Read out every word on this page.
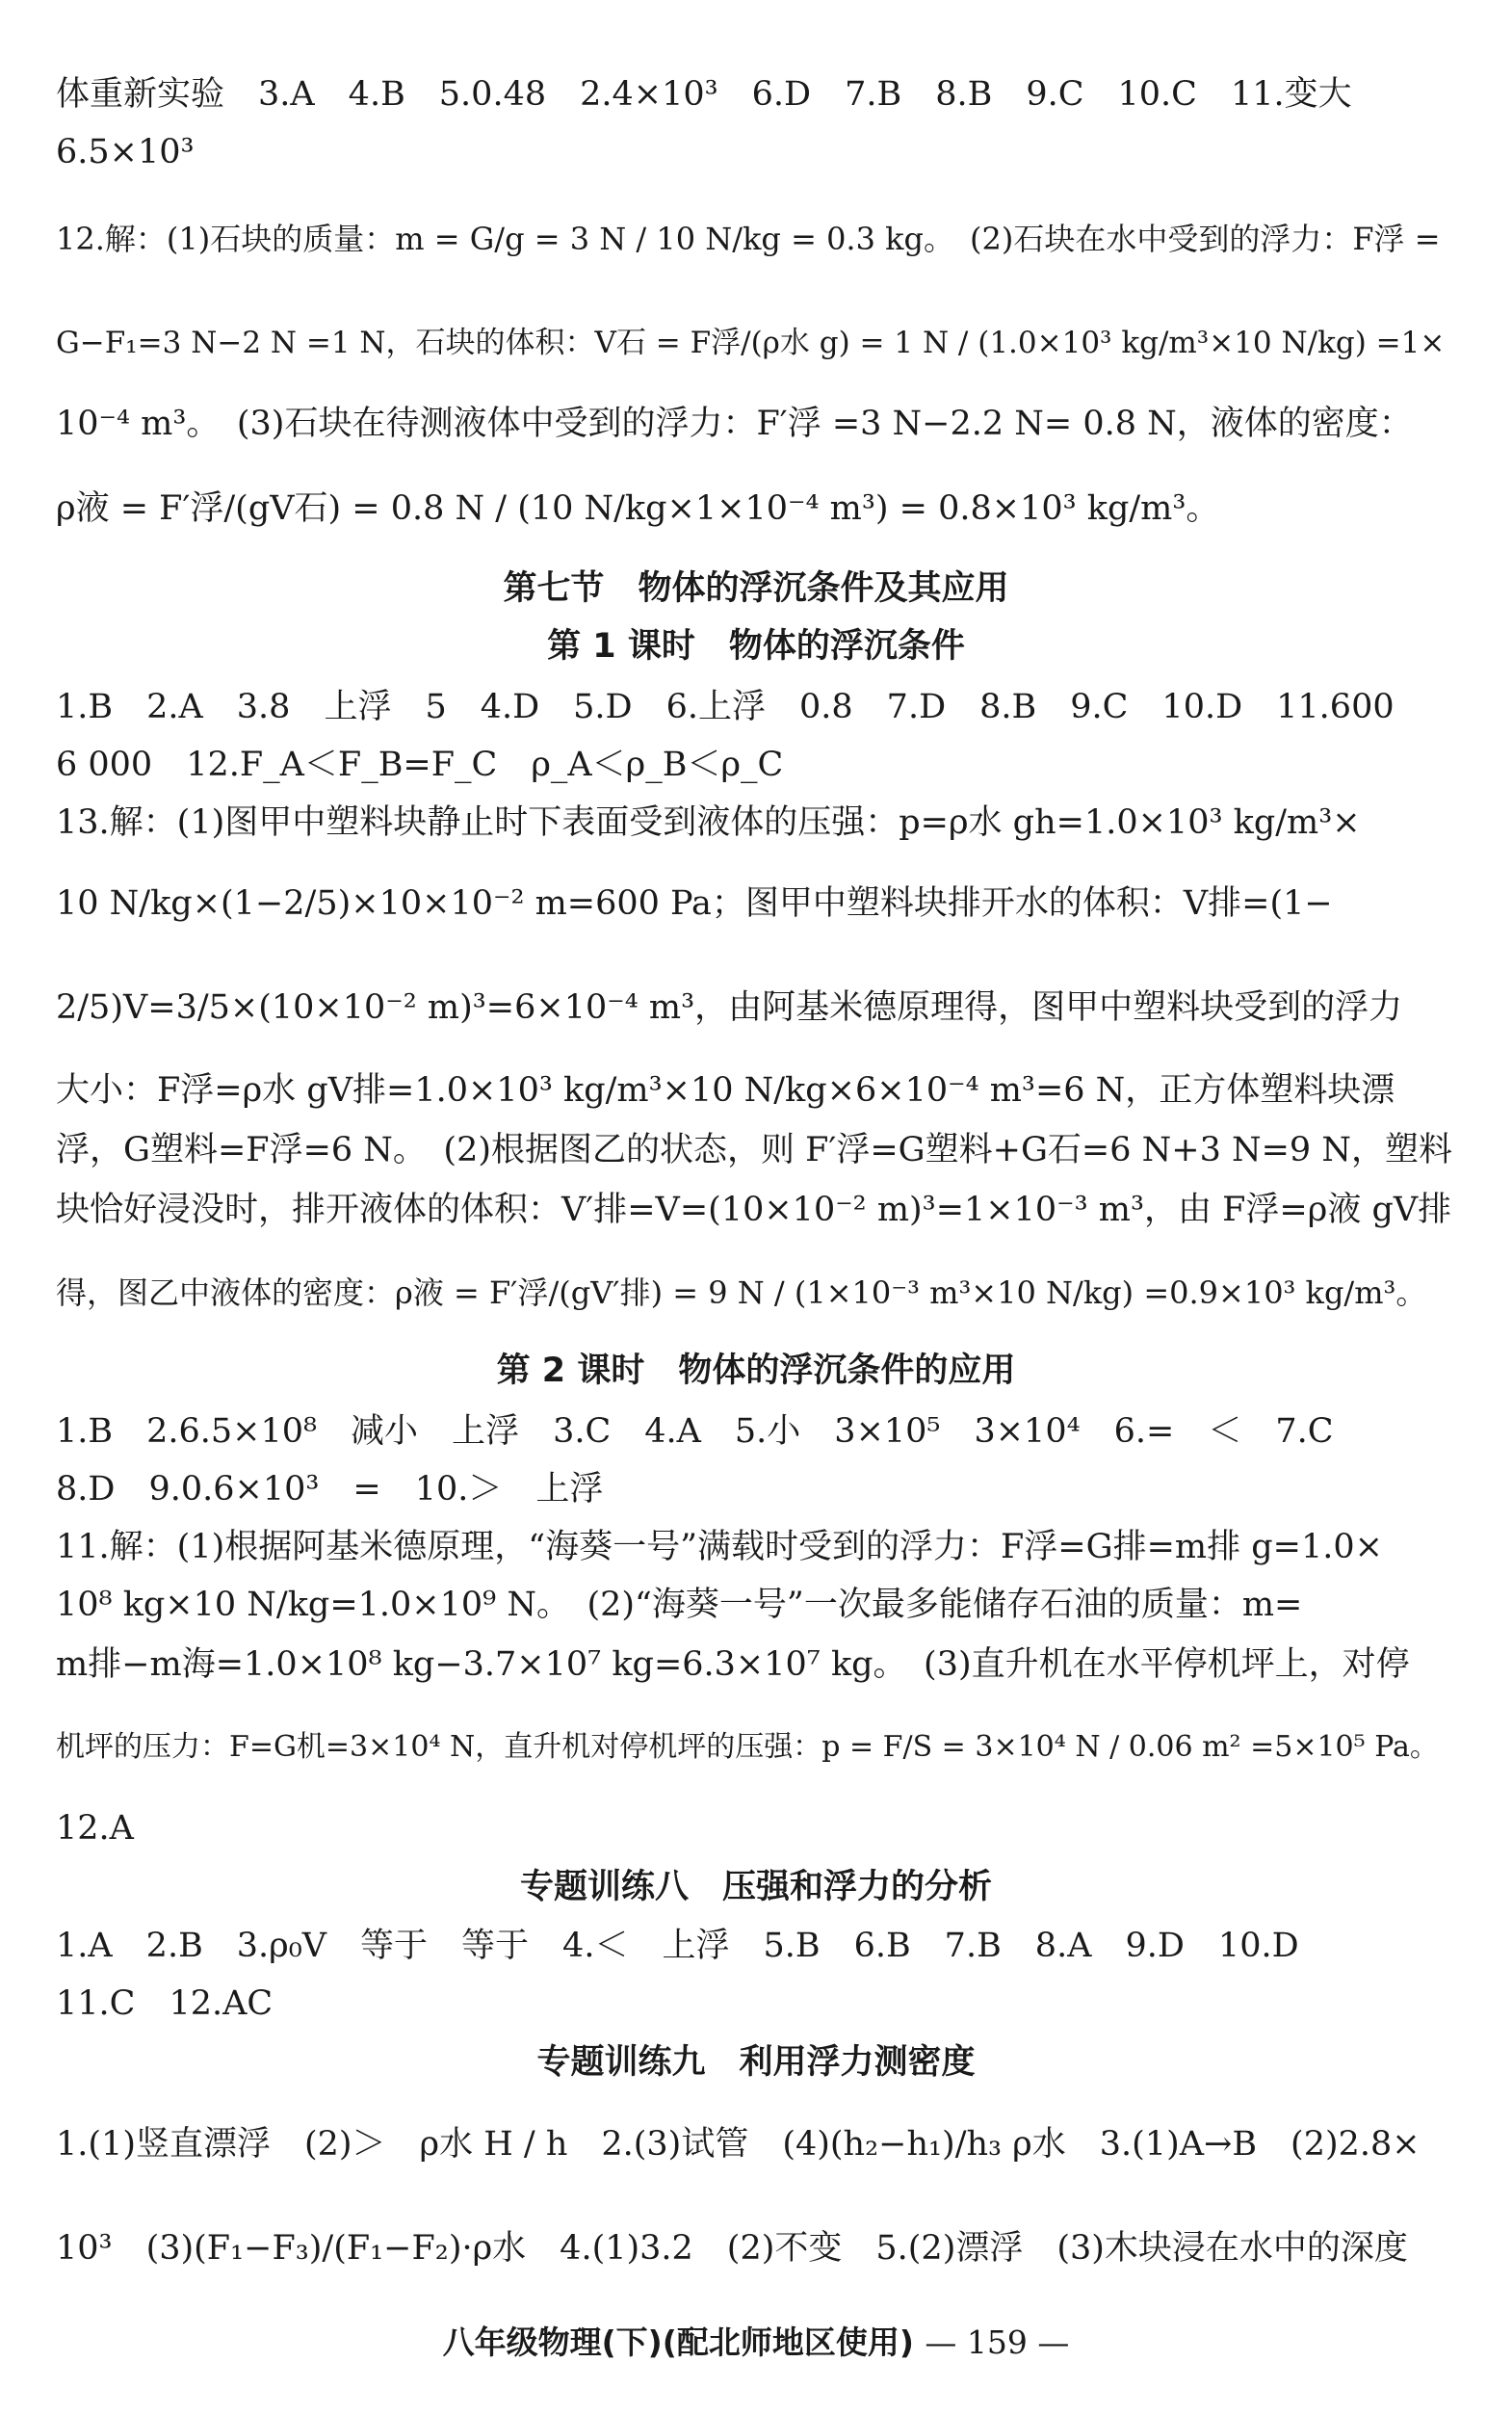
体重新实验　3.A　4.B　5.0.48　2.4×10³　6.D　7.B　8.B　9.C　10.C　11.变大
6.5×10³
12.解：(1)石块的质量：m = G/g = 3 N / 10 N/kg = 0.3 kg。　(2)石块在水中受到的浮力：F浮 =
G−F₁=3 N−2 N =1 N，石块的体积：V石 = F浮/(ρ水 g) = 1 N / (1.0×10³ kg/m³×10 N/kg) =1×
10⁻⁴ m³。　(3)石块在待测液体中受到的浮力：F′浮 =3 N−2.2 N= 0.8 N，液体的密度：
ρ液 = F′浮/(gV石) = 0.8 N / (10 N/kg×1×10⁻⁴ m³) = 0.8×10³ kg/m³。
第七节　物体的浮沉条件及其应用
第 1 课时　物体的浮沉条件
1.B　2.A　3.8　上浮　5　4.D　5.D　6.上浮　0.8　7.D　8.B　9.C　10.D　11.600
6 000　12.F_A＜F_B=F_C　ρ_A＜ρ_B＜ρ_C
13.解：(1)图甲中塑料块静止时下表面受到液体的压强：p=ρ水 gh=1.0×10³ kg/m³×
10 N/kg×(1−2/5)×10×10⁻² m=600 Pa；图甲中塑料块排开水的体积：V排=(1−
2/5)V=3/5×(10×10⁻² m)³=6×10⁻⁴ m³，由阿基米德原理得，图甲中塑料块受到的浮力
大小：F浮=ρ水 gV排=1.0×10³ kg/m³×10 N/kg×6×10⁻⁴ m³=6 N，正方体塑料块漂
浮，G塑料=F浮=6 N。　(2)根据图乙的状态，则 F′浮=G塑料+G石=6 N+3 N=9 N，塑料
块恰好浸没时，排开液体的体积：V′排=V=(10×10⁻² m)³=1×10⁻³ m³，由 F浮=ρ液 gV排
得，图乙中液体的密度：ρ液 = F′浮/(gV′排) = 9 N / (1×10⁻³ m³×10 N/kg) =0.9×10³ kg/m³。
第 2 课时　物体的浮沉条件的应用
1.B　2.6.5×10⁸　减小　上浮　3.C　4.A　5.小　3×10⁵　3×10⁴　6.=　＜　7.C
8.D　9.0.6×10³　=　10.＞　上浮
11.解：(1)根据阿基米德原理，“海葵一号”满载时受到的浮力：F浮=G排=m排 g=1.0×
10⁸ kg×10 N/kg=1.0×10⁹ N。　(2)“海葵一号”一次最多能储存石油的质量：m=
m排−m海=1.0×10⁸ kg−3.7×10⁷ kg=6.3×10⁷ kg。　(3)直升机在水平停机坪上，对停
机坪的压力：F=G机=3×10⁴ N，直升机对停机坪的压强：p = F/S = 3×10⁴ N / 0.06 m² =5×10⁵ Pa。
12.A
专题训练八　压强和浮力的分析
1.A　2.B　3.ρ₀V　等于　等于　4.＜　上浮　5.B　6.B　7.B　8.A　9.D　10.D
11.C　12.AC
专题训练九　利用浮力测密度
1.(1)竖直漂浮　(2)＞　ρ水 H / h　2.(3)试管　(4)(h₂−h₁)/h₃ ρ水　3.(1)A→B　(2)2.8×
10³　(3)(F₁−F₃)/(F₁−F₂)·ρ水　4.(1)3.2　(2)不变　5.(2)漂浮　(3)木块浸在水中的深度
八年级物理(下)(配北师地区使用) — 159 —
